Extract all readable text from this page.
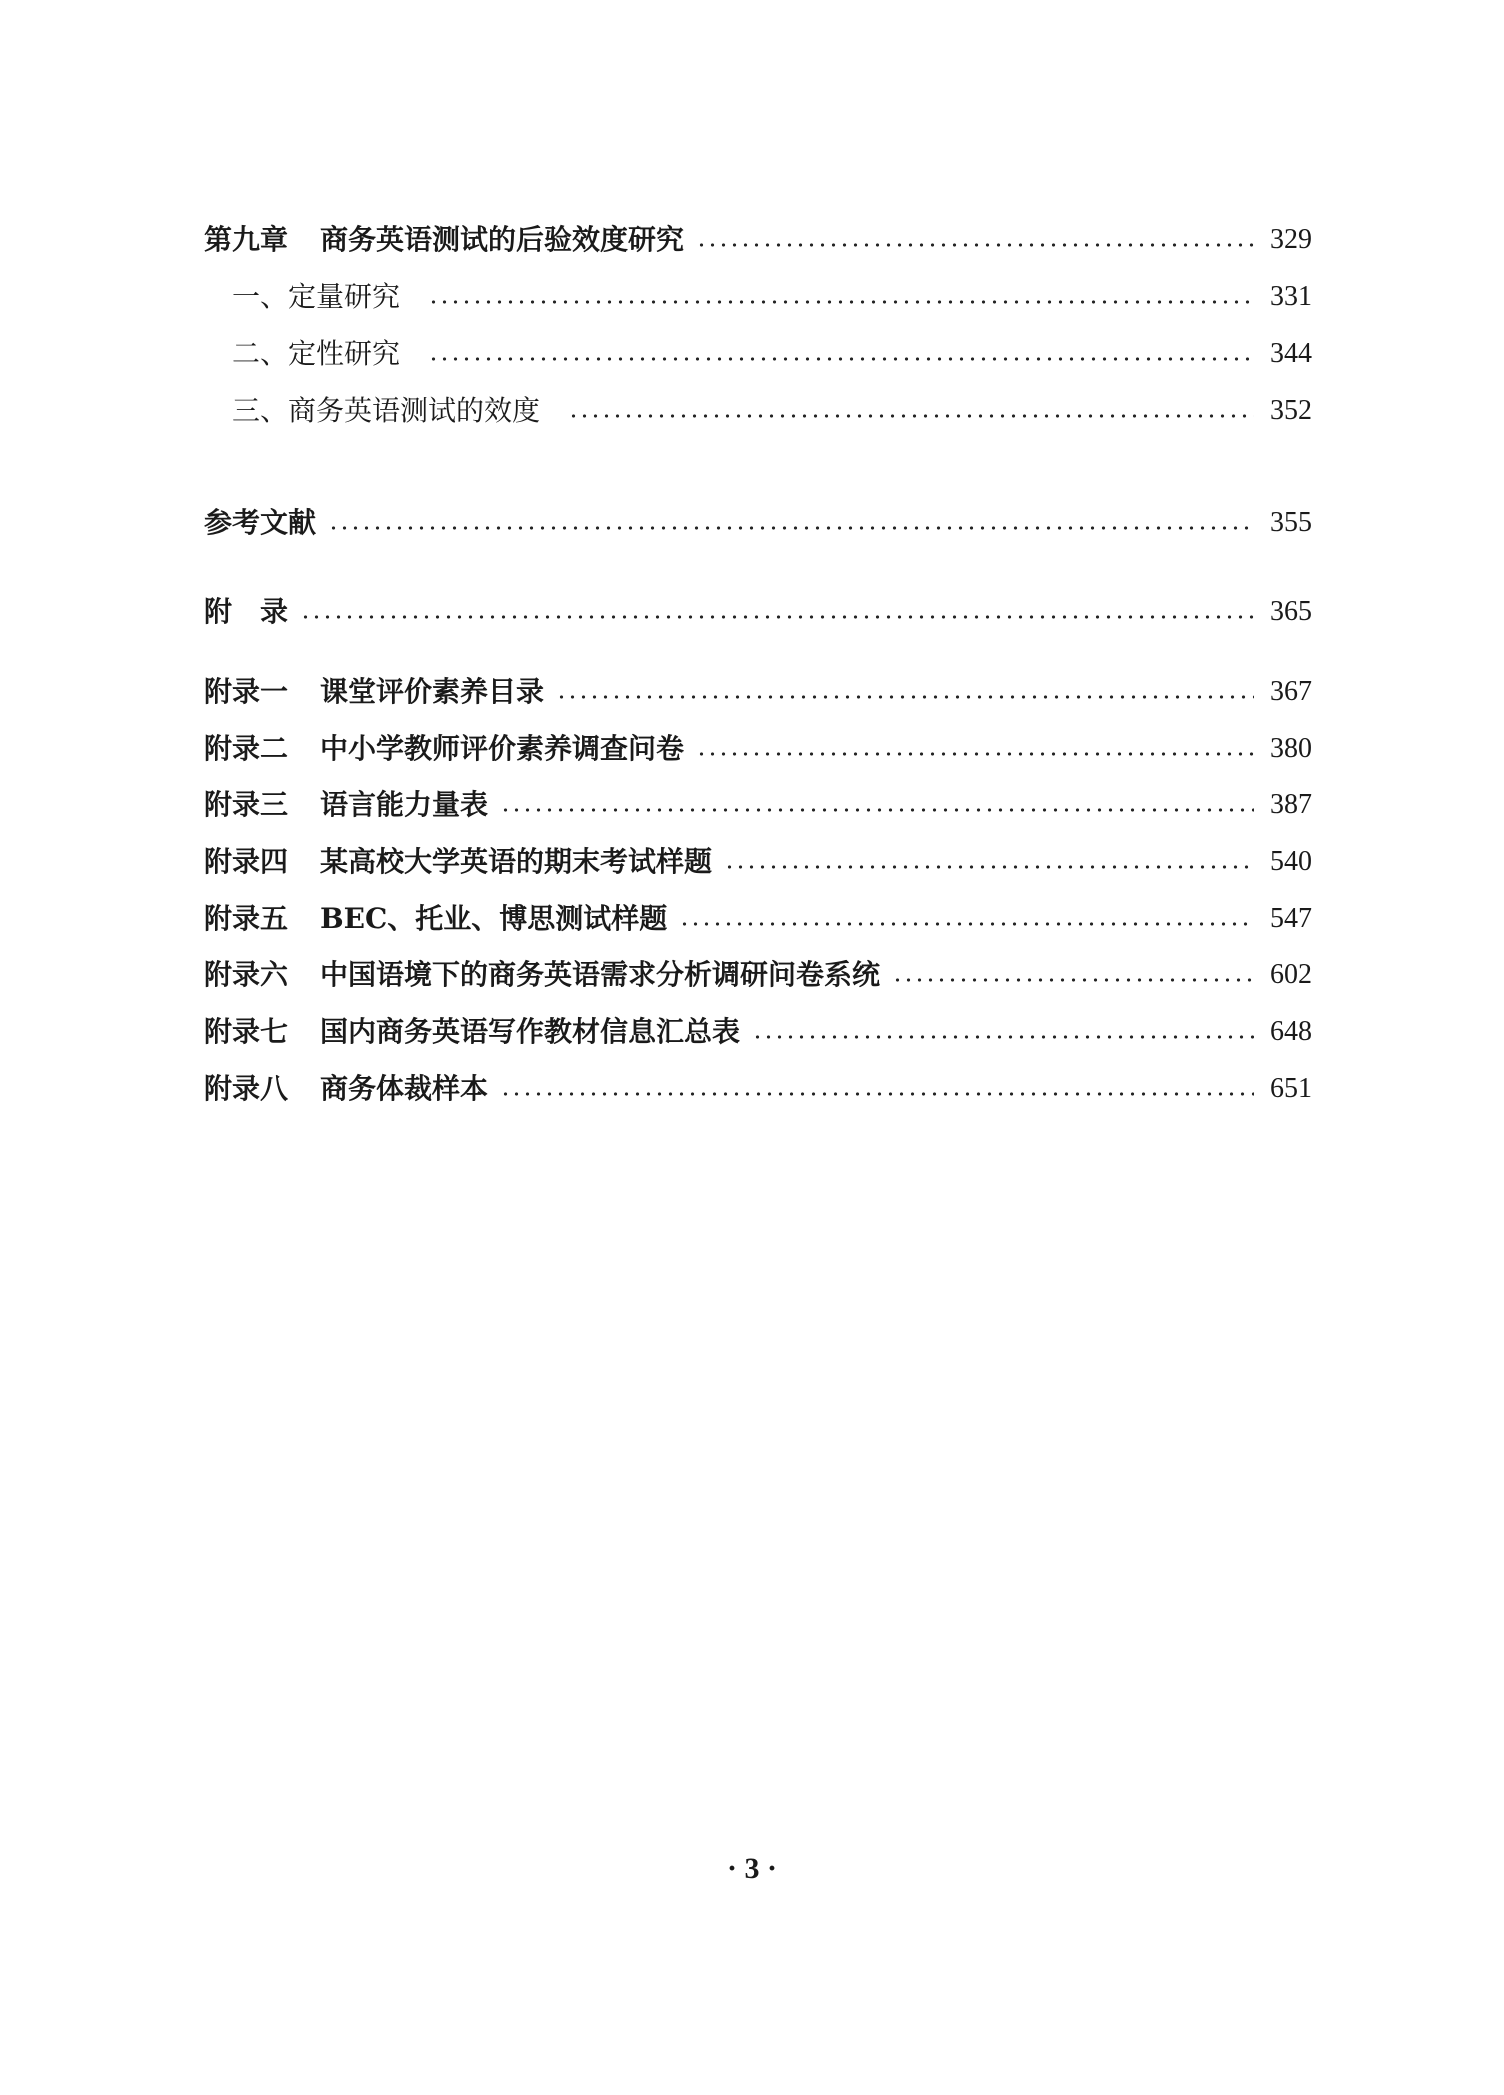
第九章 商务英语测试的后验效度研究	329
一、定量研究	331
二、定性研究	344
三、商务英语测试的效度	352
参考文献	355
附　录	365
附录一 课堂评价素养目录	367
附录二 中小学教师评价素养调查问卷	380
附录三 语言能力量表	387
附录四 某高校大学英语的期末考试样题	540
附录五 BEC、托业、博思测试样题	547
附录六 中国语境下的商务英语需求分析调研问卷系统	602
附录七 国内商务英语写作教材信息汇总表	648
附录八 商务体裁样本	651
· 3 ·
